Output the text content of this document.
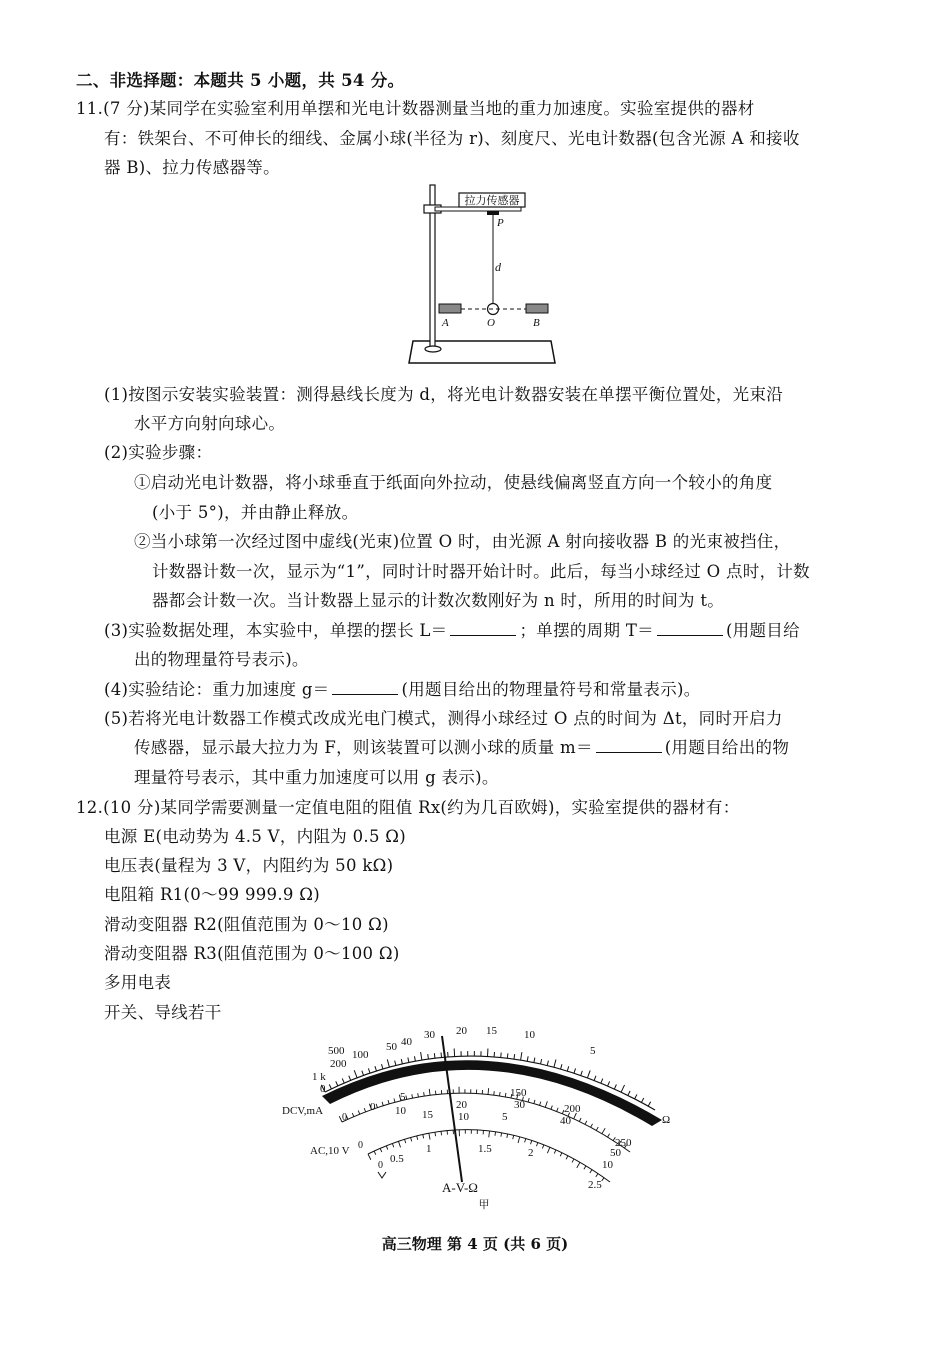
二、非选择题：本题共 5 小题，共 54 分。
11.(7 分)某同学在实验室利用单摆和光电计数器测量当地的重力加速度。实验室提供的器材
有：铁架台、不可伸长的细线、金属小球(半径为 r)、刻度尺、光电计数器(包含光源 A 和接收
器 B)、拉力传感器等。
拉力传感器
P
d
A	O	B
(1)按图示安装实验装置：测得悬线长度为 d，将光电计数器安装在单摆平衡位置处，光束沿
水平方向射向球心。
(2)实验步骤：
①启动光电计数器，将小球垂直于纸面向外拉动，使悬线偏离竖直方向一个较小的角度
(小于 5°)，并由静止释放。
②当小球第一次经过图中虚线(光束)位置 O 时，由光源 A 射向接收器 B 的光束被挡住，
计数器计数一次，显示为“1”，同时计时器开始计时。此后，每当小球经过 O 点时，计数
器都会计数一次。当计数器上显示的计数次数刚好为 n 时，所用的时间为 t。
(3)实验数据处理，本实验中，单摆的摆长 L＝	；单摆的周期 T＝	(用题目给
出的物理量符号表示)。
(4)实验结论：重力加速度 g＝	(用题目给出的物理量符号和常量表示)。
(5)若将光电计数器工作模式改成光电门模式，测得小球经过 O 点的时间为 Δt，同时开启力
传感器，显示最大拉力为 F，则该装置可以测小球的质量 m＝	(用题目给出的物
理量符号表示，其中重力加速度可以用 g 表示)。
12.(10 分)某同学需要测量一定值电阻的阻值 Rx(约为几百欧姆)，实验室提供的器材有：
电源 E(电动势为 4.5 V，内阻为 0.5 Ω)
电压表(量程为 3 V，内阻约为 50 kΩ)
电阻箱 R1(0～99 999.9 Ω)
滑动变阻器 R2(阻值范围为 0～10 Ω)
滑动变阻器 R3(阻值范围为 0～100 Ω)
多用电表
开关、导线若干
500
200
100
50 40
30 20 15 10
5
1 k
0
Ω
DCV,mA
0
0
5
10 15
20
150
30	200
40
250
50
10
10	5
AC,10 V 0
0
0.5
1	1.5	2
2.5
A-V-Ω
甲
高三物理 第 4 页 (共 6 页)
